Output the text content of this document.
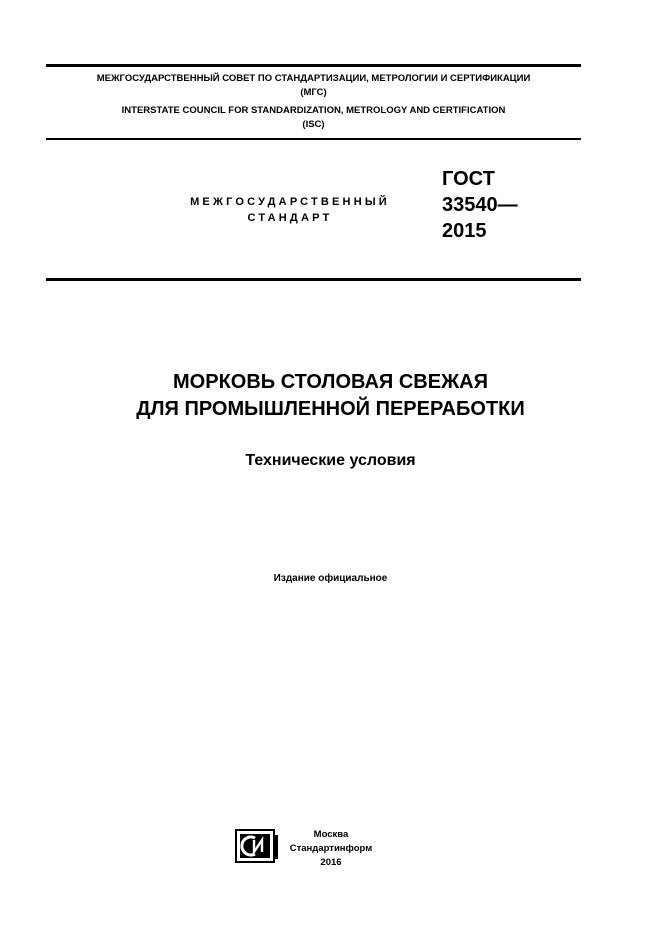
МЕЖГОСУДАРСТВЕННЫЙ СОВЕТ ПО СТАНДАРТИЗАЦИИ, МЕТРОЛОГИИ И СЕРТИФИКАЦИИ
(МГС)
INTERSTATE COUNCIL FOR STANDARDIZATION, METROLOGY AND CERTIFICATION
(ISC)
МЕЖГОСУДАРСТВЕННЫЙ
СТАНДАРТ
ГОСТ
33540—
2015
МОРКОВЬ СТОЛОВАЯ СВЕЖАЯ
ДЛЯ ПРОМЫШЛЕННОЙ ПЕРЕРАБОТКИ
Технические условия
Издание официальное
Москва
Стандартинформ
2016
